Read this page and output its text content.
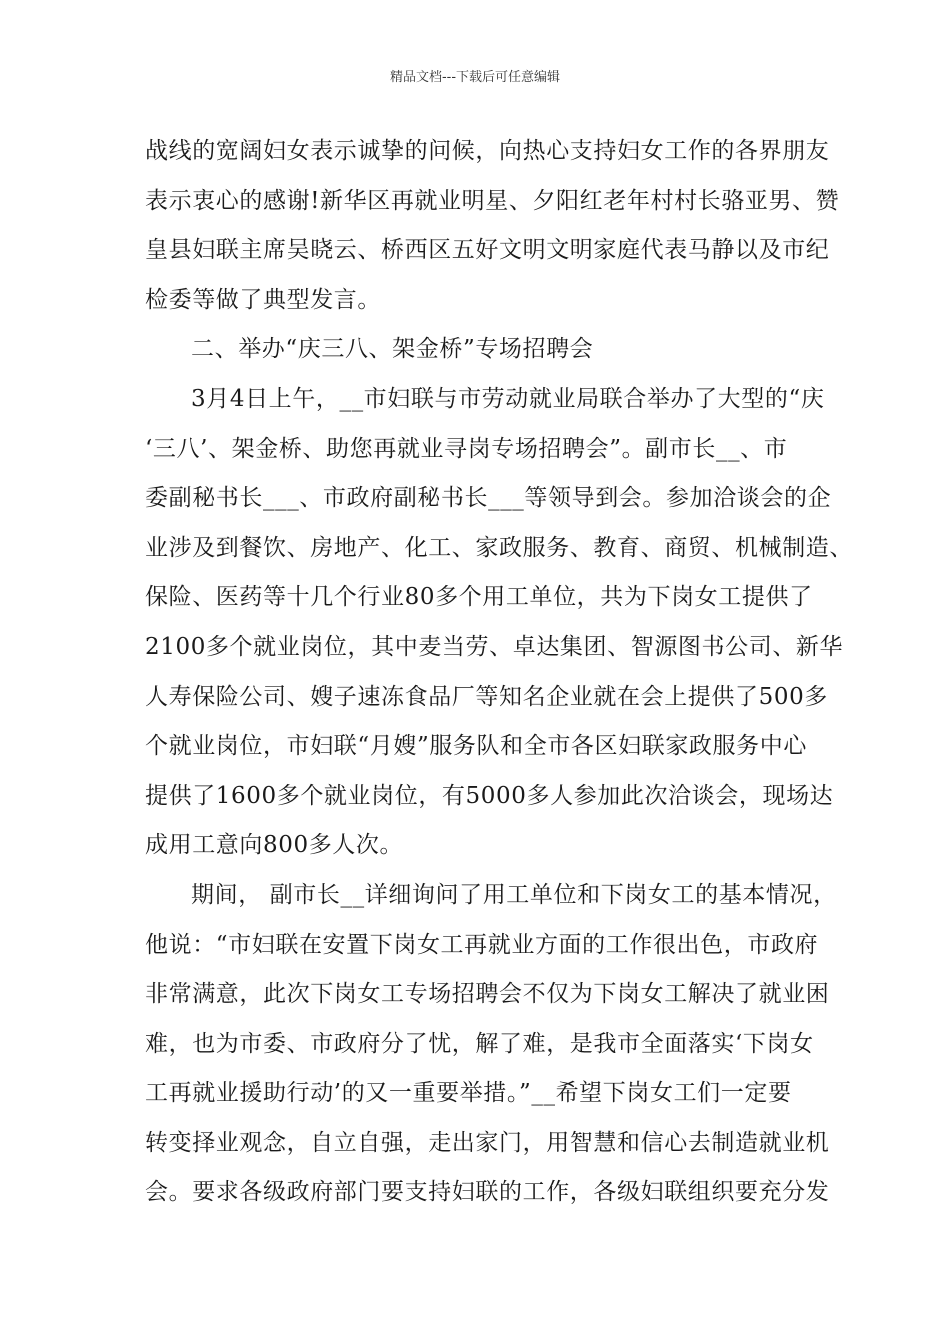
精品文档---下载后可任意编辑
战线的宽阔妇女表示诚挚的问候，向热心支持妇女工作的各界朋友
表示衷心的感谢!新华区再就业明星、夕阳红老年村村长骆亚男、赞
皇县妇联主席吴晓云、桥西区五好文明文明家庭代表马静以及市纪
检委等做了典型发言。
二、举办“庆三八、架金桥”专场招聘会
3月4日上午，__市妇联与市劳动就业局联合举办了大型的“庆
‘三八’、架金桥、助您再就业寻岗专场招聘会”。副市长__、市
委副秘书长___、市政府副秘书长___等领导到会。参加洽谈会的企
业涉及到餐饮、房地产、化工、家政服务、教育、商贸、机械制造、
保险、医药等十几个行业80多个用工单位，共为下岗女工提供了
2100多个就业岗位，其中麦当劳、卓达集团、智源图书公司、新华
人寿保险公司、嫂子速冻食品厂等知名企业就在会上提供了500多
个就业岗位，市妇联“月嫂”服务队和全市各区妇联家政服务中心
提供了1600多个就业岗位，有5000多人参加此次洽谈会，现场达
成用工意向800多人次。
期间， 副市长__详细询问了用工单位和下岗女工的基本情况，
他说：“市妇联在安置下岗女工再就业方面的工作很出色，市政府
非常满意，此次下岗女工专场招聘会不仅为下岗女工解决了就业困
难，也为市委、市政府分了忧，解了难，是我市全面落实‘下岗女
工再就业援助行动’的又一重要举措。”__希望下岗女工们一定要
转变择业观念，自立自强，走出家门，用智慧和信心去制造就业机
会。要求各级政府部门要支持妇联的工作，各级妇联组织要充分发
